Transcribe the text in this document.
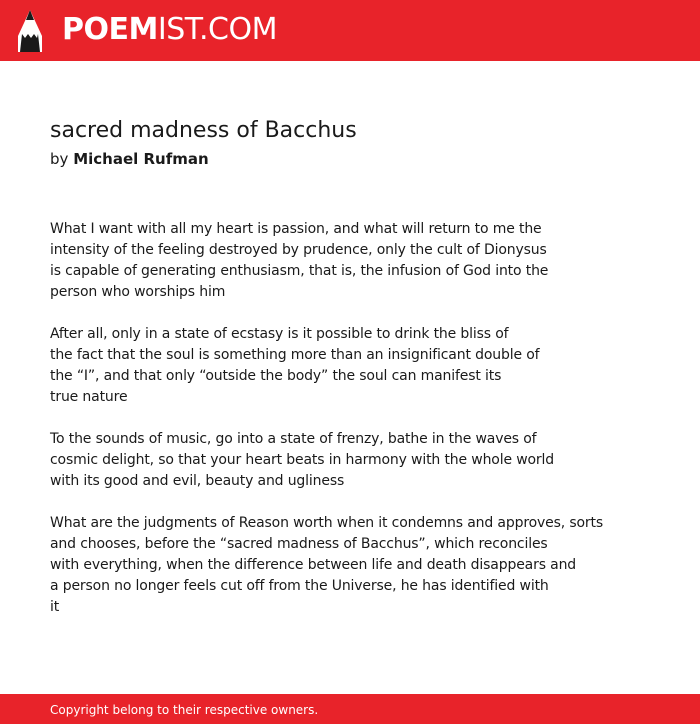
POEMIST.COM
sacred madness of Bacchus
by Michael Rufman
What I want with all my heart is passion, and what will return to me the
intensity of the feeling destroyed by prudence, only the cult of Dionysus
is capable of generating enthusiasm, that is, the infusion of God into the
person who worships him
After all, only in a state of ecstasy is it possible to drink the bliss of
the fact that the soul is something more than an insignificant double of
the “I”, and that only “outside the body” the soul can manifest its
true nature
To the sounds of music, go into a state of frenzy, bathe in the waves of
cosmic delight, so that your heart beats in harmony with the whole world
with its good and evil, beauty and ugliness
What are the judgments of Reason worth when it condemns and approves, sorts
and chooses, before the “sacred madness of Bacchus”, which reconciles
with everything, when the difference between life and death disappears and
a person no longer feels cut off from the Universe, he has identified with
it
Copyright belong to their respective owners.
